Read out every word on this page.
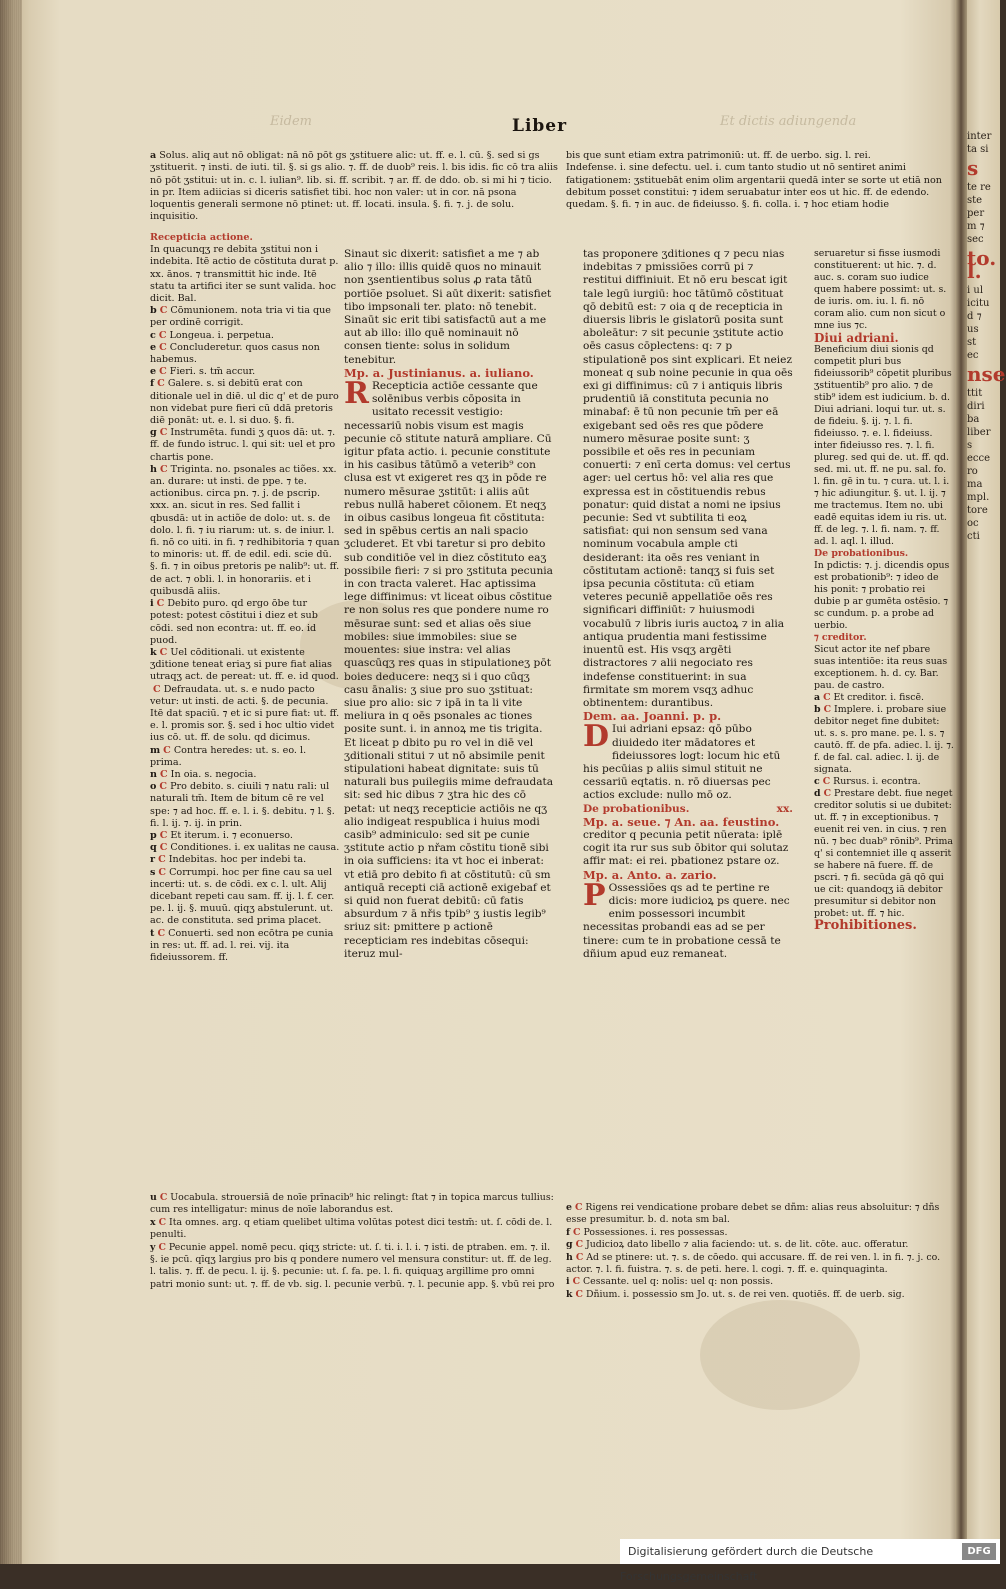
Eidem	Et dictis adiungenda
Liber
a Solus. aliq aut nō obligat: nā nō pōt gs ʒstituere alic: ut. ff. e. l. cū. §. sed si gs ʒstituerit. ⁊ insti. de iuti. til. §. si gs alio. ⁊. ff. de duob⁹ reis. l. bis idis. fic cō tra aliis nō pōt ʒstitui: ut in. c. l. iulian⁹. lib. si. ff. scribit. ⁊ ar. ff. de ddo. ob. si mi hi ⁊ ticio. in pr. Item adiicias si diceris satisfiet tibi. hoc non valer: ut in cor. nā psona loquentis generali sermone nō ptinet: ut. ff. locati. insula. §. fi. ⁊. j. de solu. inquisitio.
Recepticia actione.

In quacunqʒ re debita ʒstitui non i indebita. Itē actio de cōstituta durat p. xx. ānos. ⁊ transmittit hic inde. Itē statu ta artifici iter se sunt valida. hoc dicit. Bal.

b C Cōmunionem. nota tria vi tia que per ordinē corrigit.
c C Longeua. i. perpetua.
e C Concluderetur. quos casus non habemus.
e C Fieri. s. tm̄ accur.
f C Galere. s. si debitū erat con ditionale uel in diē. ul dic q' et de puro non videbat pure fieri cū ddā pretoris diē ponāt: ut. e. l. si duo. §. fi.
g C Instrumēta. fundi ʒ quos dā: ut. ⁊. ff. de fundo istruc. l. qui sit: uel et pro chartis pone.
h C Triginta. no. psonales ac tiões. xx. an. durare: ut insti. de ppe. ⁊ te. actionibus. circa pn. ⁊. j. de pscrip. xxx. an. sicut in res. Sed fallit i qbusdā: ut in actiõe de dolo: ut. s. de dolo. l. fi. ⁊ iu riarum: ut. s. de iniur. l. fi. nō co uiti. in fi. ⁊ redhibitoria ⁊ quan to minoris: ut. ff. de edil. edi. scie dū. §. fi. ⁊ in oibus pretoris pe nalib⁹: ut. ff. de act. ⁊ obli. l. in honorariis. et i quibusdā aliis.
i C Debito puro. qd ergo ōbe tur potest: potest cōstitui i diez et sub cōdi. sed non econtra: ut. ff. eo. id puod.
k C Uel cōditionali. ut existente ʒditione teneat eriaʒ si pure fiat alias utraqʒ act. de pereat: ut. ff. e. id quod.
C Defraudata. ut. s. e nudo pacto vetur: ut insti. de acti. §. de pecunia. Itē dat spaciū. ⁊ et ic si pure fiat: ut. ff. e. l. promis sor. §. sed i hoc ultio videt ius cō. ut. ff. de solu. qd dicimus.
m C Contra heredes: ut. s. eo. l. prima.
n C In oia. s. negocia.
o C Pro debito. s. ciuili ⁊ natu rali: ul naturali tm̄. Item de bitum cē re vel spe: ⁊ ad hoc. ff. e. l. i. §. debitu. ⁊ l. §. fi. l. ij. ⁊. ij. in prin.
p C Et iterum. i. ⁊ econuerso.
q C Conditiones. i. ex ualitas ne causa.
r C Indebitas. hoc per indebi ta.
s C Corrumpi. hoc per fine cau sa uel incerti: ut. s. de cōdi. ex c. l. ult. Alij dicebant repeti cau sam. ff. ij. l. f. cer. pe. l. ij. §. muuū. qiqʒ abstulerunt. ut. ac. de constituta. sed prima placet.
t C Conuerti. sed non ecōtra pe cunia in res: ut. ff. ad. l. rei. vij. ita fideiussorem. ff.

Sinaut sic dixerit: satisfiet a me ⁊ ab alio ⁊ illo: illis quidē quos no minauit non ʒsentientibus solus ꝓ rata tātū portiõe psoluet. Si aūt dixerit: satisfiet tibo impsonali ter. plato: nō tenebit. Sinaūt sic erit tibi satisfactū aut a me aut ab illo: illo quē nominauit nō consen tiente: solus in solidum tenebitur.

Mp. a. Justinianus. a. iuliano.

R Recepticia actiōe cessante que solēnibus verbis cōposita in usitato recessit vestigio: necessariū nobis visum est magis pecunie cō stitute naturā ampliare. Cū igitur pfata actio. i. pecunie constitute in his casibus tātūmō a veterib⁹ con clusa est vt exigeret res qʒ in pōde re numero mēsurae ʒstitūt: i aliis aūt rebus nullā haberet cōionem. Et neqʒ in oibus casibus longeua fit cōstituta: sed in spēbus certis an nali spacio ʒcluderet. Et vbi taretur si pro debito sub conditiōe vel in diez cōstituto eaʒ possibile fieri: ⁊ si pro ʒstituta pecunia in con tracta valeret. Hac aptissima lege diffinimus: vt liceat oibus cōstitue re non solus res que pondere nume ro mēsurae sunt: sed et alias oēs siue mobiles: siue immobiles: siue se mouentes: siue instra: vel alias quascūqʒ res quas in stipulationeʒ pōt boies deducere: neqʒ si i quo cūqʒ casu ānalis: ʒ siue pro suo ʒstituat: siue pro alio: sic ⁊ ipā in ta li vite meliura in q oēs psonales ac tiones posite sunt. i. in annoꝝ me tis trigita. Et liceat p dbito pu ro vel in diē vel ʒditionali stitui ⁊ ut nō absimile penit stipulationi habeat dignitate: suis tū naturali bus puilegiis mime defraudata sit: sed hic dibus ⁊ ʒtra hic des cō petat: ut neqʒ recepticie actiōis ne qʒ alio indigeat respublica i huius modi casib⁹ adminiculo: sed sit pe cunie ʒstitute actio p nřam cōstitu tionē sibi in oia sufficiens: ita vt hoc ei inberat: vt etiā pro debito fi at cōstitutū: cū sm antiquā recepti ciā actionē exigebaf et si quid non fuerat debitū: cū fatis absurdum ⁊ ā nřis tpib⁹ ʒ iustis legib⁹ sriuz sit: pmittere p actionē recepticiam res indebitas cōsequi: iteruz mul-

bis que sunt etiam extra patrimoniū: ut. ff. de uerbo. sig. l. rei.

Indefense. i. sine defectu. uel. i. cum tanto studio ut nō sentiret animi fatigationem: ʒstituebāt enim olim argentarii quedā inter se sorte ut etiā non debitum posset constitui: ⁊ idem seruabatur inter eos ut hic. ff. de edendo. quedam. §. fi. ⁊ in auc. de fideiusso. §. fi. colla. i. ⁊ hoc etiam hodie

tas proponere ʒditiones q ⁊ pecu nias indebitas ⁊ pmissiões corrū pi ⁊ restitui diffiniuit. Et nō eru bescat igit tale legū iurgiū: hoc tātūmō cōstituat qō debitū est: ⁊ oia q de recepticia in diuersis libris le gislatorū posita sunt aboleātur: ⁊ sit pecunie ʒstitute actio oēs casus cōplectens: q: ⁊ p stipulationē pos sint explicari. Et neiez moneat q sub noine pecunie in qua oēs exi gi diffinimus: cū ⁊ i antiquis libris prudentiū iā constituta pecunia no minabaf: ē tū non pecunie tm̄ per eā exigebant sed oēs res que pōdere numero mēsurae posite sunt: ʒ possibile et oēs res in pecuniam conuerti: ⁊ enī certa domus: vel certus ager: uel certus hō: vel alia res que expressa est in cōstituendis rebus ponatur: quid distat a nomi ne ipsius pecunie: Sed vt subtilita ti eoꝝ satisfiat: qui non sensum sed vana nominum vocabula ample cti desiderant: ita oēs res veniant in cōstitutam actionē: tanqʒ si fuis set ipsa pecunia cōstituta: cū etiam veteres pecuniē appellatiōe oēs res significari diffiniūt: ⁊ huiusmodi vocabulū ⁊ libris iuris auctoꝝ ⁊ in alia antiqua prudentia mani festissime inuentū est. His vsqʒ argēti distractores ⁊ alii negociato res indefense constituerint: in sua firmitate sm morem vsqʒ adhuc obtinentem: durantibus.

Dem. aa. Joanni. p. p.

D Iui adriani epsaz: qō pūbo diuidedo iter mādatores et fideiussores logt: locum hic etū his pecūias p aliis simul stituit ne cessariū eqtatis. n. rō diuersas pec actios exclude: nullo mō oz.

De probationibus.	xx.
Mp. a. seue. ⁊ An. aa. feustino.

creditor q pecunia petit nūerata: iplē cogit ita rur sus sub ōbitor qui solutaz affir mat: ei rei. pbationez pstare oz.

Mp. a. Anto. a. zario.

P Ossessiões qs ad te pertine re dicis: more iudicioꝝ ps quere. nec enim possessori incumbit necessitas probandi eas ad se per tinere: cum te in probatione cessā te dñium apud euz remaneat.

seruaretur si fisse iusmodi constituerent: ut hic. ⁊. d. auc. s. coram suo iudice quem habere possimt: ut. s. de iuris. om. iu. l. fi. nō coram alio. cum non sicut o mne ius ⁊c.

Diui adriani.

Beneficium diui sionis qd competit pluri bus fideiussorib⁹ cōpetit pluribus ʒstituentib⁹ pro alio. ⁊ de stib⁹ idem est iudicium. b. d.

Diui adriani. loqui tur. ut. s. de fideiu. §. ij. ⁊. l. fi. fideiusso. ⁊. e. l. fideiuss. inter fideiusso res. ⁊. l. fi. plureg. sed qui de. ut. ff. qd. sed. mi. ut. ff. ne pu. sal. fo. l. fin. gē in tu. ⁊ cura. ut. l. i. ⁊ hic adiungitur. §. ut. l. ij. ⁊ me tractemus. Item no. ubi eadē equitas idem iu ris. ut. ff. de leg. ⁊. l. fi. nam. ⁊. ff. ad. l. aql. l. illud.

De probationibus.

In pdictis: ⁊. j. dicendis opus est probationib⁹: ⁊ ideo de his ponit: ⁊ probatio rei dubie p ar gumēta ostēsio. ⁊ sc cundum. p. a probe ad uerbio.

⁊ creditor.

Sicut actor ite nef pbare suas intentiōe: ita reus suas exceptionem. h. d. cy. Bar. pau. de castro.

a C Et creditor. i. fiscē.
b C Implere. i. probare siue debitor neget fine dubitet: ut. s. s. pro mane. pe. l. s. ⁊ cautō. ff. de pfa. adiec. l. ij. ⁊. f. de fal. cal. adiec. l. ij. de signata.
c C Rursus. i. econtra.
d C Prestare debt. fiue neget creditor solutis si ue dubitet: ut. ff. ⁊ in exceptionibus. ⁊ euenit rei ven. in cius. ⁊ ren nū. ⁊ bec duab⁹ rōnib⁹. Prima q' si contemniet ille q asserit se habere nā fuere. ff. de pscri. ⁊ fi. secūda gā qō qui ue cit: quandoqʒ iā debitor presumitur si debitor non probet: ut. ff. ⁊ hic.
Prohibitiones.
u C Uocabula. strouersiā de noīe prīnacib⁹ hic relingt: ſtat ⁊ in topica marcus tullius: cum res intelligatur: minus de noīe laborandus est.
x C Ita omnes. arg. q etiam quelibet ultima volūtas potest dici testm̄: ut. ſ. cōdi de. l. penulti.
y C Pecunie appel. nomē pecu. qiqʒ stricte: ut. ſ. ti. i. l. i. ⁊ isti. de ptraben. em. ⁊. il. §. ie pcū. qīqʒ largius pro bis q pondere numero vel mensura constitur: ut. ff. de leg. l. talis. ⁊. ff. de pecu. l. ij. §. pecunie: ut. ſ. fa. pe. l. fi. quiquaʒ argillime pro omni patri monio sunt: ut. ⁊. ff. de vb. sig. l. pecunie verbū. ⁊. l. pecunie app. §. vbū rei pro
e C Rigens rei vendicatione probare debet se dñm: alias reus absoluitur: ⁊ dñs esse presumitur. b. d. nota sm bal.
f C Possessiones. i. res possessas.
g C Judicioꝝ dato libello ⁊ alia faciendo: ut. s. de lit. cōte. auc. offeratur.
h C Ad se ptinere: ut. ⁊. s. de cōedo. qui accusare. ff. de rei ven. l. in fi. ⁊. j. co. actor. ⁊. l. fi. fuistra. ⁊. s. de peti. here. l. cogi. ⁊. ff. e. quinquaginta.
i C Cessante. uel q: nolis: uel q: non possis.
k C Dñium. i. possessio sm Jo. ut. s. de rei ven. quotiēs. ff. de uerb. sig.
inter
ta si
s
te re
ste
per
m ⁊
sec
to. l.
i ul
icitu
d ⁊
us
st
ec
nse
ttit
diri
ba
liber
s
ecce
ro
ma
mpl.
tore
oc
cti
Digitalisierung gefördert durch die Deutsche Forschungsgemeinschaft
DFG
